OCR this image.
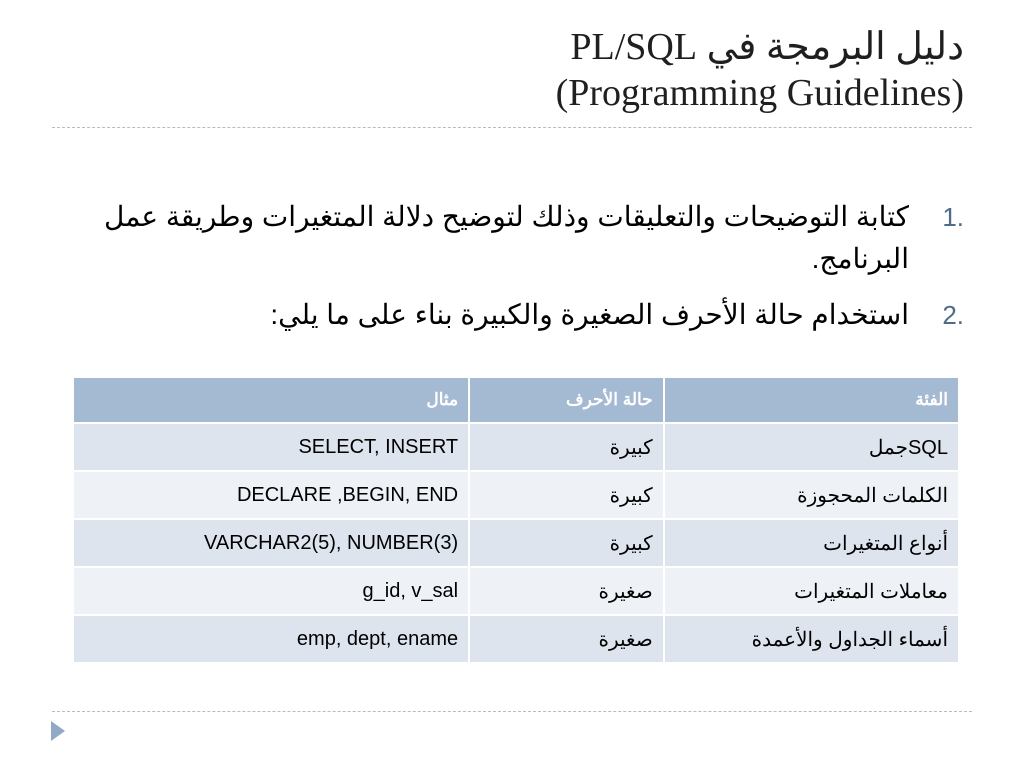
دليل البرمجة في PL/SQL
(Programming Guidelines)
1.
كتابة التوضيحات والتعليقات وذلك لتوضيح دلالة المتغيرات وطريقة عمل البرنامج.
2.
استخدام حالة الأحرف الصغيرة والكبيرة بناء على ما يلي:
مثال	حالة الأحرف	الفئة
SELECT, INSERT	كبيرة	SQLجمل
DECLARE ,BEGIN, END	كبيرة	الكلمات المحجوزة
VARCHAR2(5), NUMBER(3)	كبيرة	أنواع المتغيرات
g_id, v_sal	صغيرة	معاملات المتغيرات
emp, dept, ename	صغيرة	أسماء الجداول والأعمدة
